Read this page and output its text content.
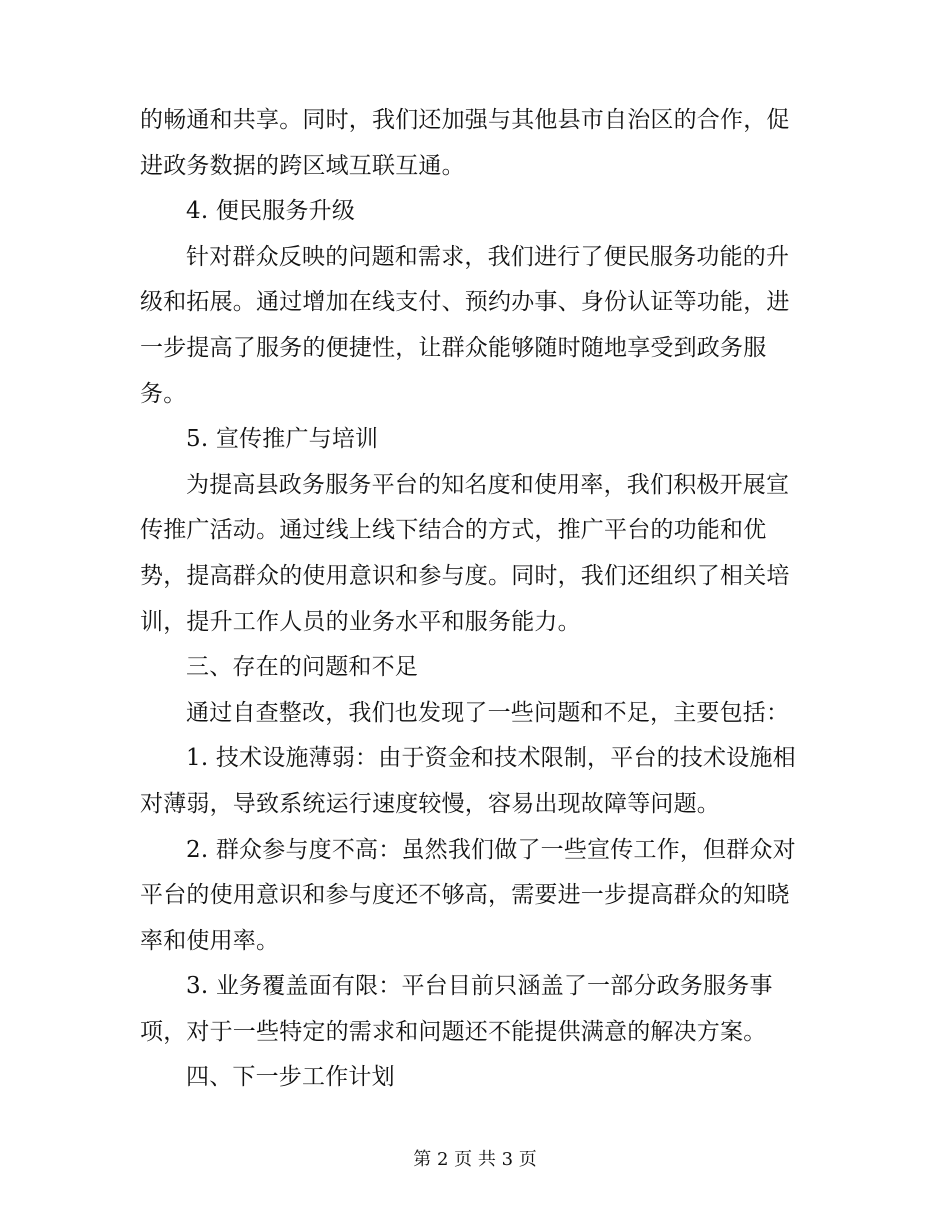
的畅通和共享。同时，我们还加强与其他县市自治区的合作，促

进政务数据的跨区域互联互通。

4. 便民服务升级

针对群众反映的问题和需求，我们进行了便民服务功能的升

级和拓展。通过增加在线支付、预约办事、身份认证等功能，进

一步提高了服务的便捷性，让群众能够随时随地享受到政务服

务。

5. 宣传推广与培训

为提高县政务服务平台的知名度和使用率，我们积极开展宣

传推广活动。通过线上线下结合的方式，推广平台的功能和优

势，提高群众的使用意识和参与度。同时，我们还组织了相关培

训，提升工作人员的业务水平和服务能力。

三、存在的问题和不足

通过自查整改，我们也发现了一些问题和不足，主要包括：

1. 技术设施薄弱：由于资金和技术限制，平台的技术设施相

对薄弱，导致系统运行速度较慢，容易出现故障等问题。

2. 群众参与度不高：虽然我们做了一些宣传工作，但群众对

平台的使用意识和参与度还不够高，需要进一步提高群众的知晓

率和使用率。

3. 业务覆盖面有限：平台目前只涵盖了一部分政务服务事

项，对于一些特定的需求和问题还不能提供满意的解决方案。

四、下一步工作计划

第 2 页 共 3 页
